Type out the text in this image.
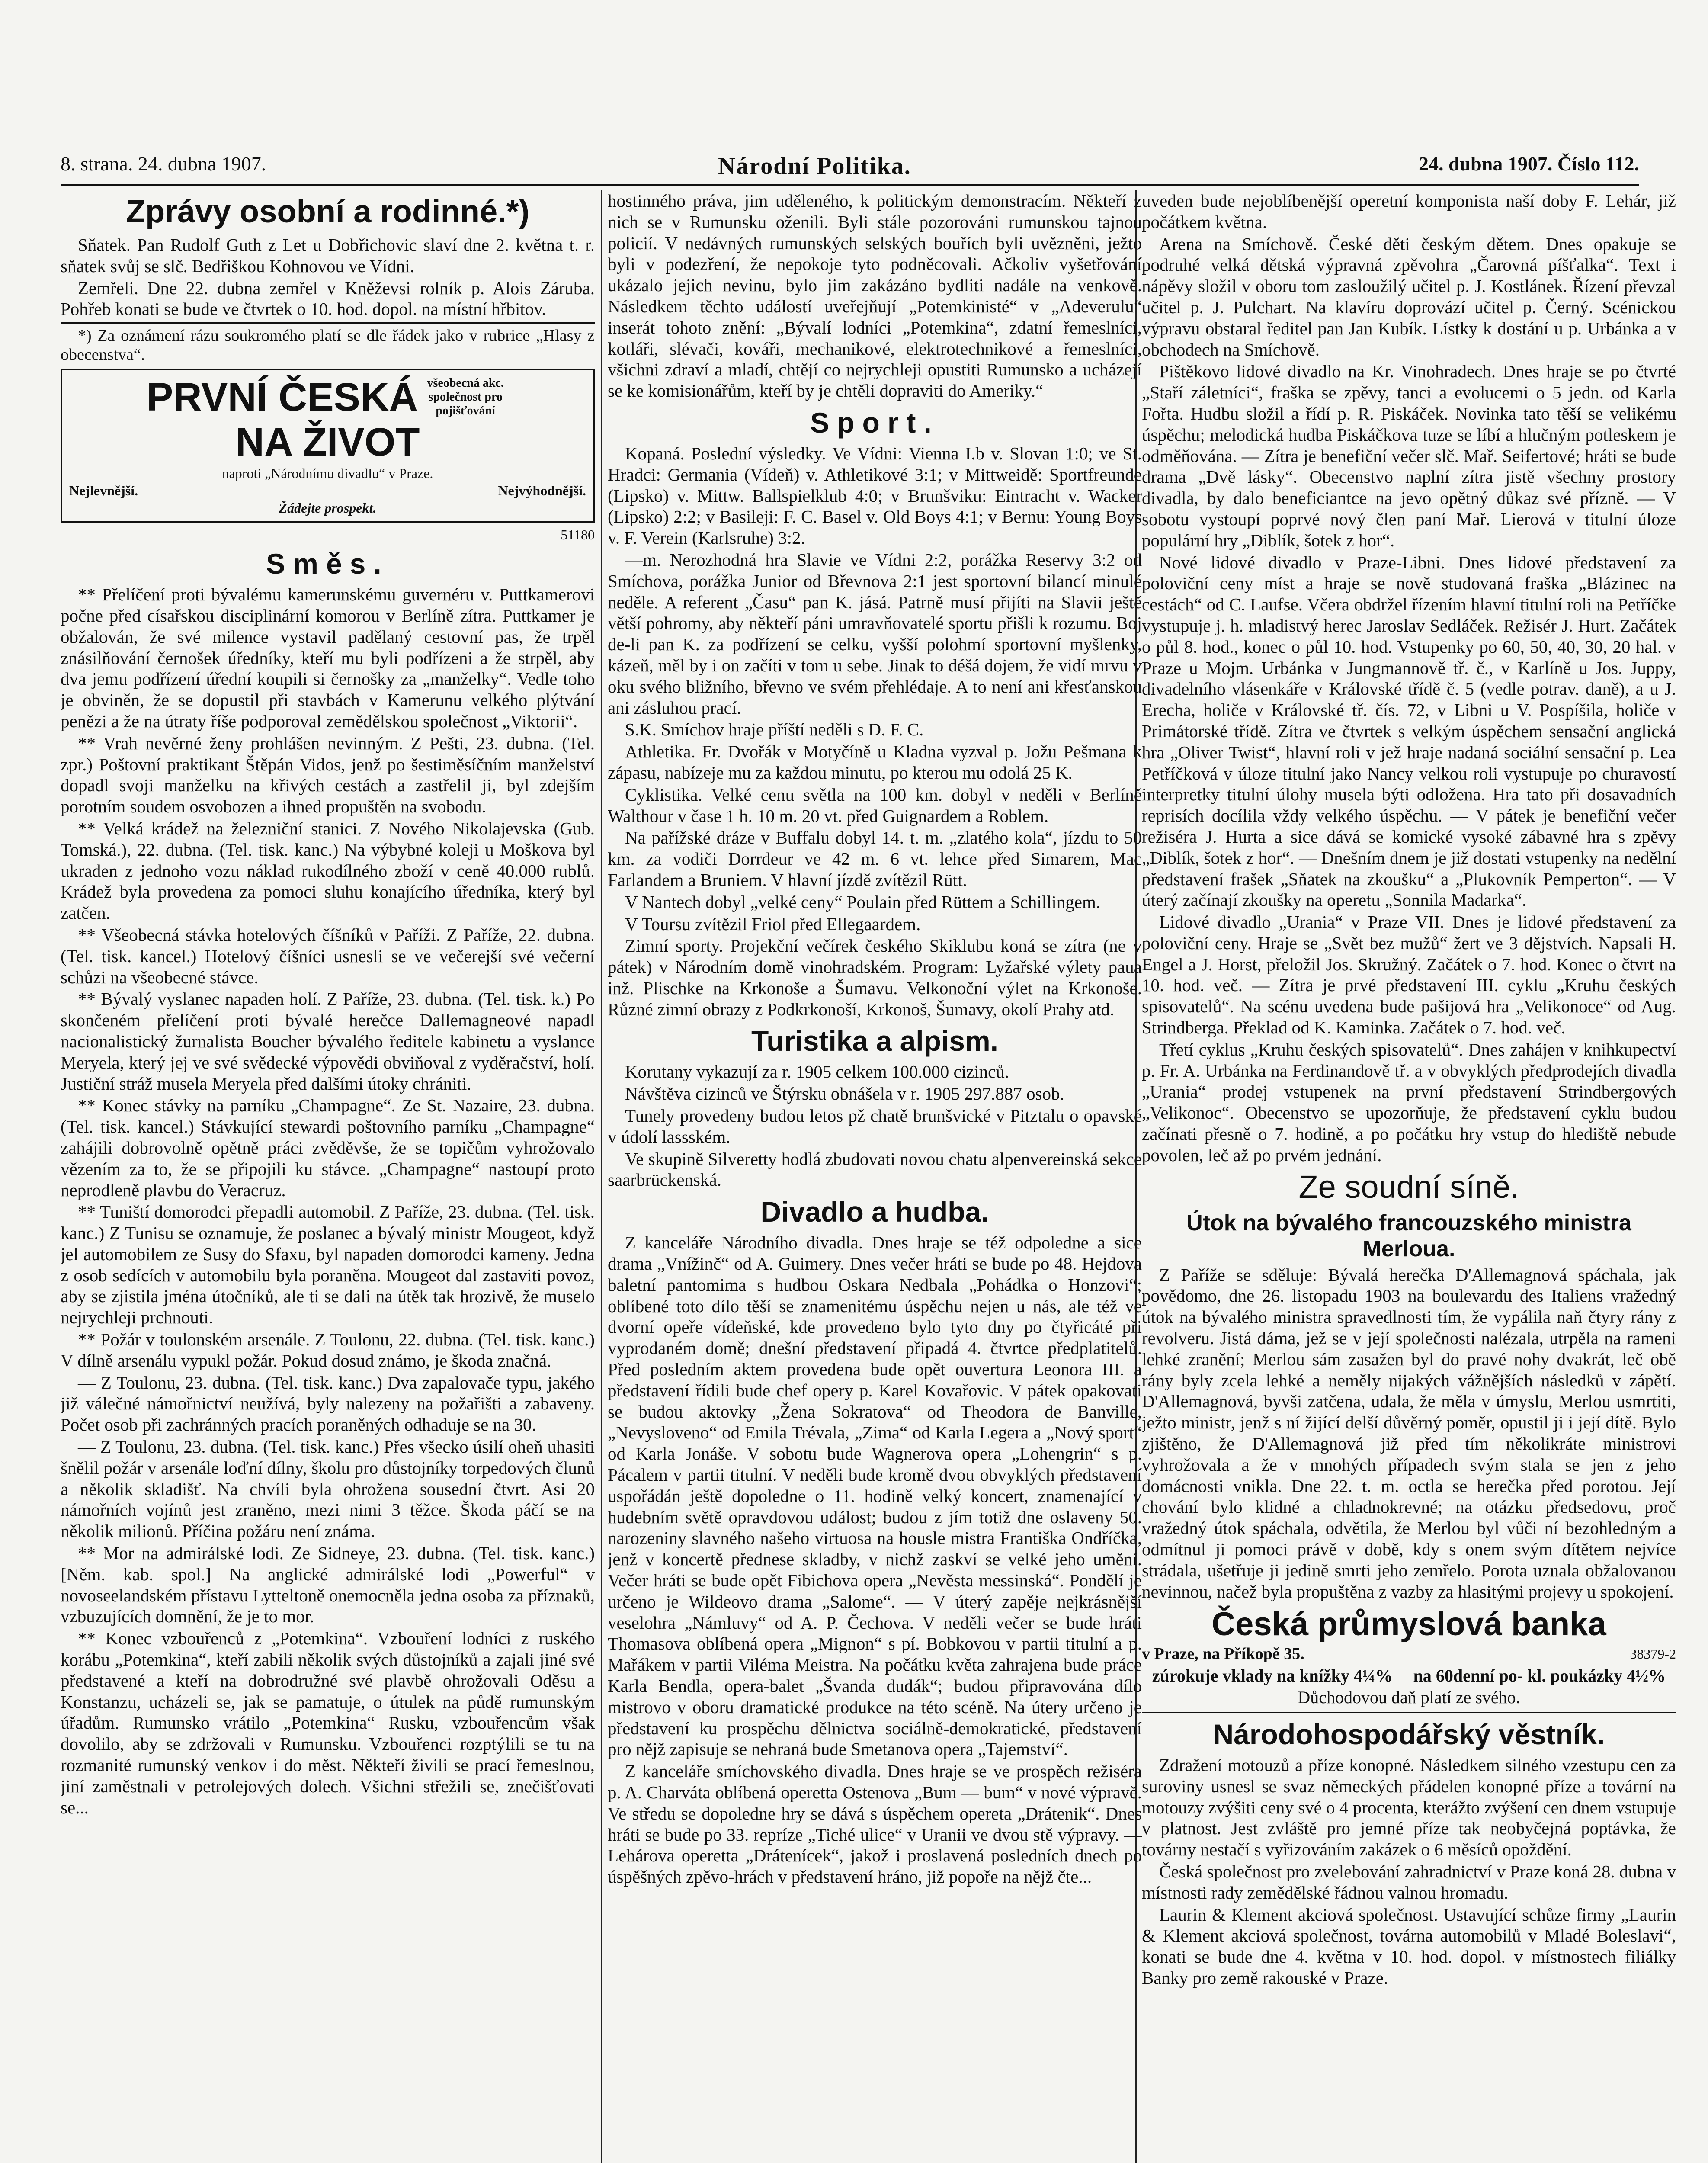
8. strana. 24. dubna 1907.	Národní Politika.	24. dubna 1907. Číslo 112.
Zprávy osobní a rodinné.*)

Sňatek. Pan Rudolf Guth z Let u Dobřichovic slaví dne 2. května t. r. sňatek svůj se slč. Bedřiškou Kohnovou ve Vídni.

Zemřeli. Dne 22. dubna zemřel v Kněževsi rolník p. Alois Záruba. Pohřeb konati se bude ve čtvrtek o 10. hod. dopol. na místní hřbitov.

*) Za oznámení rázu soukromého platí se dle řádek jako v rubrice „Hlasy z obecenstva“.
PRVNÍ ČESKÁ všeobecná akc. společnost pro pojišťování NA ŽIVOT
naproti „Národnímu divadlu“ v Praze.
Nejlevnější.	Nejvýhodnější.
Žádejte prospekt.
51180
Směs.

** Přelíčení proti bývalému kamerunskému guvernéru v. Puttkamerovi počne před císařskou disciplinární komorou v Berlíně zítra. Puttkamer je obžalován, že své milence vystavil padělaný cestovní pas, že trpěl znásilňování černošek úředníky, kteří mu byli podřízeni a že strpěl, aby dva jemu podřízení úřední koupili si černošky za „manželky“. Vedle toho je obviněn, že se dopustil při stavbách v Kamerunu velkého plýtvání penězi a že na útraty říše podporoval zemědělskou společnost „Viktorii“.

** Vrah nevěrné ženy prohlášen nevinným. Z Pešti, 23. dubna. (Tel. zpr.) Poštovní praktikant Štěpán Vidos, jenž po šestiměsíčním manželství dopadl svoji manželku na křivých cestách a zastřelil ji, byl zdejším porotním soudem osvobozen a ihned propuštěn na svobodu.

** Velká krádež na železniční stanici. Z Nového Nikolajevska (Gub. Tomská.), 22. dubna. (Tel. tisk. kanc.) Na výbybné koleji u Moškova byl ukraden z jednoho vozu náklad rukodílného zboží v ceně 40.000 rublů. Krádež byla provedena za pomoci sluhu konajícího úředníka, který byl zatčen.

** Všeobecná stávka hotelových číšníků v Paříži. Z Paříže, 22. dubna. (Tel. tisk. kancel.) Hotelový číšníci usnesli se ve večerejší své večerní schůzi na všeobecné stávce.

** Bývalý vyslanec napaden holí. Z Paříže, 23. dubna. (Tel. tisk. k.) Po skončeném přelíčení proti bývalé herečce Dallemagneové napadl nacionalistický žurnalista Boucher bývalého ředitele kabinetu a vyslance Meryela, který jej ve své svědecké výpovědi obviňoval z vyděračství, holí. Justiční stráž musela Meryela před dalšími útoky chrániti.

** Konec stávky na parníku „Champagne“. Ze St. Nazaire, 23. dubna. (Tel. tisk. kancel.) Stávkující stewardi poštovního parníku „Champagne“ zahájili dobrovolně opětně práci zvěděvše, že se topičům vyhrožovalo vězením za to, že se připojili ku stávce. „Champagne“ nastoupí proto neprodleně plavbu do Veracruz.

** Tuniští domorodci přepadli automobil. Z Paříže, 23. dubna. (Tel. tisk. kanc.) Z Tunisu se oznamuje, že poslanec a bývalý ministr Mougeot, když jel automobilem ze Susy do Sfaxu, byl napaden domorodci kameny. Jedna z osob sedících v automobilu byla poraněna. Mougeot dal zastaviti povoz, aby se zjistila jména útočníků, ale ti se dali na útěk tak hrozivě, že muselo nejrychleji prchnouti.

** Požár v toulonském arsenále. Z Toulonu, 22. dubna. (Tel. tisk. kanc.) V dílně arsenálu vypukl požár. Pokud dosud známo, je škoda značná.

— Z Toulonu, 23. dubna. (Tel. tisk. kanc.) Dva zapalovače typu, jakého již válečné námořnictví neužívá, byly nalezeny na požařišti a zabaveny. Počet osob při zachránných pracích poraněných odhaduje se na 30.

— Z Toulonu, 23. dubna. (Tel. tisk. kanc.) Přes všecko úsilí oheň uhasiti šnělil požár v arsenále loďní dílny, školu pro důstojníky torpedových člunů a několik skladišť. Na chvíli byla ohrožena sousední čtvrt. Asi 20 námořních vojínů jest zraněno, mezi nimi 3 těžce. Škoda páčí se na několik milionů. Příčina požáru není známa.

** Mor na admirálské lodi. Ze Sidneye, 23. dubna. (Tel. tisk. kanc.) [Něm. kab. spol.] Na anglické admirálské lodi „Powerful“ v novoseelandském přístavu Lytteltoně onemocněla jedna osoba za příznaků, vzbuzujících domnění, že je to mor.

** Konec vzbouřenců z „Potemkina“. Vzbouření lodníci z ruského korábu „Potemkina“, kteří zabili několik svých důstojníků a zajali jiné své představené a kteří na dobrodružné své plavbě ohrožovali Oděsu a Konstanzu, ucházeli se, jak se pamatuje, o útulek na půdě rumunským úřadům. Rumunsko vrátilo „Potemkina“ Rusku, vzbouřencům však dovolilo, aby se zdržovali v Rumunsku. Vzbouřenci rozptýlili se tu na rozmanité rumunský venkov i do měst. Někteří živili se prací řemeslnou, jiní zaměstnali v petrolejových dolech. Všichni střežili se, znečišťovati se...

hostinného práva, jim uděleného, k politickým demonstracím. Někteří z nich se v Rumunsku oženili. Byli stále pozorováni rumunskou tajnou policií. V nedávných rumunských selských bouřích byli uvězněni, ježto byli v podezření, že nepokoje tyto podněcovali. Ačkoliv vyšetřování ukázalo jejich nevinu, bylo jim zakázáno bydliti nadále na venkově. Následkem těchto událostí uveřejňují „Potemkinisté“ v „Adeverulu“ inserát tohoto znění: „Bývalí lodníci „Potemkina“, zdatní řemeslníci, kotláři, slévači, kováři, mechanikové, elektrotechnikové a řemeslníci, všichni zdraví a mladí, chtějí co nejrychleji opustiti Rumunsko a ucházejí se ke komisionářům, kteří by je chtěli dopraviti do Ameriky.“

Sport.

Kopaná. Poslední výsledky. Ve Vídni: Vienna I.b v. Slovan 1:0; ve St. Hradci: Germania (Vídeň) v. Athletikové 3:1; v Mittweidě: Sportfreunde (Lipsko) v. Mittw. Ballspielklub 4:0; v Brunšviku: Eintracht v. Wacker (Lipsko) 2:2; v Basileji: F. C. Basel v. Old Boys 4:1; v Bernu: Young Boys v. F. Verein (Karlsruhe) 3:2.

—m. Nerozhodná hra Slavie ve Vídni 2:2, porážka Reservy 3:2 od Smíchova, porážka Junior od Břevnova 2:1 jest sportovní bilancí minulé neděle. A referent „Času“ pan K. jásá. Patrně musí přijíti na Slavii ještě větší pohromy, aby někteří páni umravňovatelé sportu přišli k rozumu. Boj de-li pan K. za podřízení se celku, vyšší polohmí sportovní myšlenky, kázeň, měl by i on začíti v tom u sebe. Jinak to déšá dojem, že vidí mrvu v oku svého bližního, břevno ve svém přehlédaje. A to není ani křesťanskou ani zásluhou prací.

S.K. Smíchov hraje příští neděli s D. F. C.

Athletika. Fr. Dvořák v Motyčíně u Kladna vyzval p. Jožu Pešmana k zápasu, nabízeje mu za každou minutu, po kterou mu odolá 25 K.

Cyklistika. Velké cenu světla na 100 km. dobyl v neděli v Berlíně Walthour v čase 1 h. 10 m. 20 vt. před Guignardem a Roblem.

Na pařížské dráze v Buffalu dobyl 14. t. m. „zlatého kola“, jízdu to 50 km. za vodiči Dorrdeur ve 42 m. 6 vt. lehce před Simarem, Mac Farlandem a Bruniem. V hlavní jízdě zvítězil Rütt.

V Nantech dobyl „velké ceny“ Poulain před Rüttem a Schillingem.

V Toursu zvítězil Friol před Ellegaardem.

Zimní sporty. Projekční večírek českého Skiklubu koná se zítra (ne v pátek) v Národním domě vinohradském. Program: Lyžařské výlety paua inž. Plischke na Krkonoše a Šumavu. Velkonoční výlet na Krkonoše. Různé zimní obrazy z Podkrkonoší, Krkonoš, Šumavy, okolí Prahy atd.

Turistika a alpism.

Korutany vykazují za r. 1905 celkem 100.000 cizinců.

Návštěva cizinců ve Štýrsku obnášela v r. 1905 297.887 osob.

Tunely provedeny budou letos pž chatě brunšvické v Pitztalu o opavské v údolí lassském.

Ve skupině Silveretty hodlá zbudovati novou chatu alpenvereinská sekce saarbrückenská.

Divadlo a hudba.

Z kanceláře Národního divadla. Dnes hraje se též odpoledne a sice drama „Vnížinč“ od A. Guimery. Dnes večer hráti se bude po 48. Hejdova baletní pantomima s hudbou Oskara Nedbala „Pohádka o Honzovi“; oblíbené toto dílo těší se znamenitému úspěchu nejen u nás, ale též ve dvorní opeře vídeňské, kde provedeno bylo tyto dny po čtyřicáté při vyprodaném domě; dnešní představení připadá 4. čtvrtce předplatitelů. Před posledním aktem provedena bude opět ouvertura Leonora III. a představení řídili bude chef opery p. Karel Kovařovic. V pátek opakovati se budou aktovky „Žena Sokratova“ od Theodora de Banville, „Nevysloveno“ od Emila Trévala, „Zima“ od Karla Legera a „Nový sport“ od Karla Jonáše. V sobotu bude Wagnerova opera „Lohengrin“ s p. Pácalem v partii titulní. V neděli bude kromě dvou obvyklých představení uspořádán ještě dopoledne o 11. hodině velký koncert, znamenající v hudebním světě opravdovou událost; budou z jím totiž dne oslaveny 50. narozeniny slavného našeho virtuosa na housle mistra Františka Ondříčka, jenž v koncertě přednese skladby, v nichž zaskví se velké jeho umění. Večer hráti se bude opět Fibichova opera „Nevěsta messinská“. Pondělí je určeno je Wildeovo drama „Salome“. — V úterý zapěje nejkrásnější veselohra „Námluvy“ od A. P. Čechova. V neděli večer se bude hráti Thomasova oblíbená opera „Mignon“ s pí. Bobkovou v partii titulní a p. Mařákem v partii Viléma Meistra. Na počátku květa zahrajena bude práce Karla Bendla, opera-balet „Švanda dudák“; budou připravována dílo mistrovo v oboru dramatické produkce na této scéně. Na útery určeno je představení ku prospěchu dělnictva sociálně-demokratické, představení pro nějž zapisuje se nehraná bude Smetanova opera „Tajemství“.

Z kanceláře smíchovského divadla. Dnes hraje se ve prospěch režiséra p. A. Charváta oblíbená operetta Ostenova „Bum — bum“ v nové výpravě. Ve středu se dopoledne hry se dává s úspěchem opereta „Drátenik“. Dnes hráti se bude po 33. repríze „Tiché ulice“ v Uranii ve dvou stě výpravy. — Lehárova operetta „Drátenícek“, jakož i proslavená posledních dnech po úspěšných zpěvo-hrách v představení hráno, již popoře na nějž čte...

uveden bude nejoblíbenější operetní komponista naší doby F. Lehár, již počátkem května.

Arena na Smíchově. České děti českým dětem. Dnes opakuje se podruhé velká dětská výpravná zpěvohra „Čarovná píšťalka“. Text i nápěvy složil v oboru tom zasloužilý učitel p. J. Kostlánek. Řízení převzal učitel p. J. Pulchart. Na klavíru doprovází učitel p. Černý. Scénickou výpravu obstaral ředitel pan Jan Kubík. Lístky k dostání u p. Urbánka a v obchodech na Smíchově.

Pištěkovo lidové divadlo na Kr. Vinohradech. Dnes hraje se po čtvrté „Staří záletníci“, fraška se zpěvy, tanci a evolucemi o 5 jedn. od Karla Fořta. Hudbu složil a řídí p. R. Piskáček. Novinka tato těší se velikému úspěchu; melodická hudba Piskáčkova tuze se líbí a hlučným potleskem je odměňována. — Zítra je benefiční večer slč. Mař. Seifertové; hráti se bude drama „Dvě lásky“. Obecenstvo naplní zítra jistě všechny prostory divadla, by dalo beneficiantce na jevo opětný důkaz své přízně. — V sobotu vystoupí poprvé nový člen paní Mař. Lierová v titulní úloze populární hry „Diblík, šotek z hor“.

Nové lidové divadlo v Praze-Libni. Dnes lidové představení za poloviční ceny míst a hraje se nově studovaná fraška „Blázinec na cestách“ od C. Laufse. Včera obdržel řízením hlavní titulní roli na Petříčke vystupuje j. h. mladistvý herec Jaroslav Sedláček. Režisér J. Hurt. Začátek o půl 8. hod., konec o půl 10. hod. Vstupenky po 60, 50, 40, 30, 20 hal. v Praze u Mojm. Urbánka v Jungmannově tř. č., v Karlíně u Jos. Juppy, divadelního vlásenkáře v Královské třídě č. 5 (vedle potrav. daně), a u J. Erecha, holiče v Královské tř. čís. 72, v Libni u V. Pospíšila, holiče v Primátorské třídě. Zítra ve čtvrtek s velkým úspěchem sensační anglická hra „Oliver Twist“, hlavní roli v jež hraje nadaná sociální sensační p. Lea Petříčková v úloze titulní jako Nancy velkou roli vystupuje po churavostí interpretky titulní úlohy musela býti odložena. Hra tato při dosavadních reprisích docílila vždy velkého úspěchu. — V pátek je benefiční večer režiséra J. Hurta a sice dává se komické vysoké zábavné hra s zpěvy „Diblík, šotek z hor“. — Dnešním dnem je již dostati vstupenky na nedělní představení frašek „Sňatek na zkoušku“ a „Plukovník Pemperton“. — V úterý začínají zkoušky na operetu „Sonnila Madarka“.

Lidové divadlo „Urania“ v Praze VII. Dnes je lidové představení za poloviční ceny. Hraje se „Svět bez mužů“ žert ve 3 dějstvích. Napsali H. Engel a J. Horst, přeložil Jos. Skružný. Začátek o 7. hod. Konec o čtvrt na 10. hod. več. — Zítra je prvé představení III. cyklu „Kruhu českých spisovatelů“. Na scénu uvedena bude pašijová hra „Velikonoce“ od Aug. Strindberga. Překlad od K. Kaminka. Začátek o 7. hod. več.

Třetí cyklus „Kruhu českých spisovatelů“. Dnes zahájen v knihkupectví p. Fr. A. Urbánka na Ferdinandově tř. a v obvyklých předprodejích divadla „Urania“ prodej vstupenek na první představení Strindbergových „Velikonoc“. Obecenstvo se upozorňuje, že představení cyklu budou začínati přesně o 7. hodině, a po počátku hry vstup do hlediště nebude povolen, leč až po prvém jednání.

Ze soudní síně.
Útok na bývalého francouzského ministra Merloua.

Z Paříže se sděluje: Bývalá herečka D'Allemagnová spáchala, jak povědomo, dne 26. listopadu 1903 na boulevardu des Italiens vražedný útok na bývalého ministra spravedlnosti tím, že vypálila naň čtyry rány z revolveru. Jistá dáma, jež se v její společnosti nalézala, utrpěla na rameni lehké zranění; Merlou sám zasažen byl do pravé nohy dvakrát, leč obě rány byly zcela lehké a neměly nijakých vážnějších následků v zápětí. D'Allemagnová, byvši zatčena, udala, že měla v úmyslu, Merlou usmrtiti, ježto ministr, jenž s ní žijící delší důvěrný poměr, opustil ji i její dítě. Bylo zjištěno, že D'Allemagnová již před tím několikráte ministrovi vyhrožovala a že v mnohých případech svým stala se jen z jeho domácnosti vnikla. Dne 22. t. m. octla se herečka před porotou. Její chování bylo klidné a chladnokrevné; na otázku předsedovu, proč vražedný útok spáchala, odvětila, že Merlou byl vůči ní bezohledným a odmítnul ji pomoci právě v době, kdy s onem svým dítětem nejvíce strádala, ušetřuje ji jedině smrti jeho zemřelo. Porota uznala obžalovanou nevinnou, načež byla propuštěna z vazby za hlasitými projevy u spokojení.

Česká průmyslová banka
v Praze, na Příkopě 35.	38379-2
zúrokuje vklady na knížky 4¼% na 60denní po- kl. poukázky 4½%
Důchodovou daň platí ze svého.
Národohospodářský věstník.

Zdražení motouzů a příze konopné. Následkem silného vzestupu cen za suroviny usnesl se svaz německých přádelen konopné příze a tovární na motouzy zvýšiti ceny své o 4 procenta, kterážto zvýšení cen dnem vstupuje v platnost. Jest zvláště pro jemné příze tak neobyčejná poptávka, že továrny nestačí s vyřizováním zakázek o 6 měsíců opoždění.

Česká společnost pro zvelebování zahradnictví v Praze koná 28. dubna v místnosti rady zemědělské řádnou valnou hromadu.

Laurin & Klement akciová společnost. Ustavující schůze firmy „Laurin & Klement akciová společnost, továrna automobilů v Mladé Boleslavi“, konati se bude dne 4. května v 10. hod. dopol. v místnostech filiálky Banky pro země rakouské v Praze.
